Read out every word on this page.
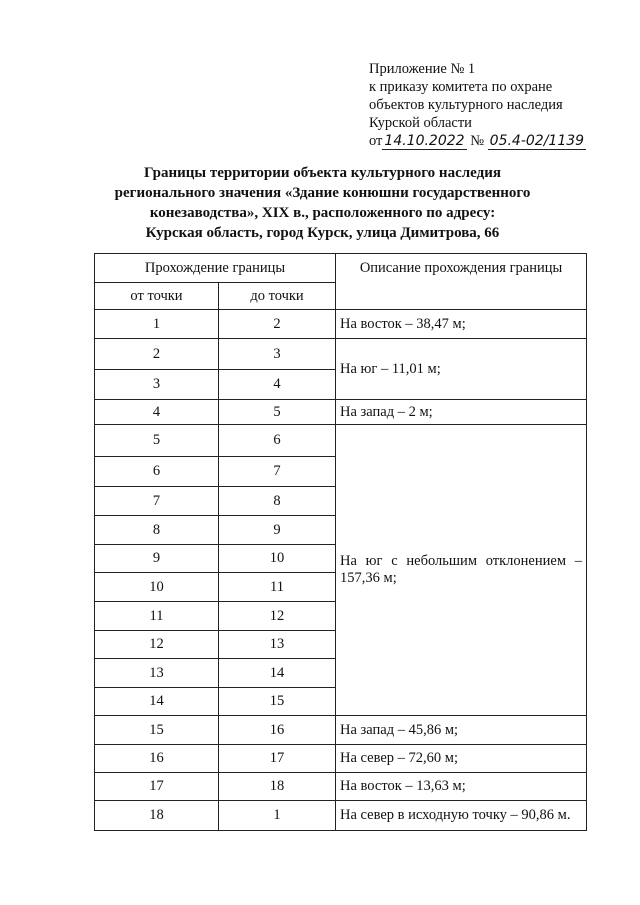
Приложение № 1
к приказу комитета по охране
объектов культурного наследия
Курской области
от 14.10.2022 № 05.4-02/1139
Границы территории объекта культурного наследия
регионального значения «Здание конюшни государственного
конезаводства», XIX в., расположенного по адресу:
Курская область, город Курск, улица Димитрова, 66
Прохождение границы		Описание прохождения границы
от точки	до точки	
1	2	На восток – 38,47 м;
2	3	На юг – 11,01 м;
3	4	
4	5	На запад – 2 м;
5	6	На юг с небольшим отклонением – 157,36 м;
6	7	
7	8	
8	9	
9	10	
10	11	
11	12	
12	13	
13	14	
14	15	
15	16	На запад – 45,86 м;
16	17	На север – 72,60 м;
17	18	На восток – 13,63 м;
18	1	На север в исходную точку – 90,86 м.
